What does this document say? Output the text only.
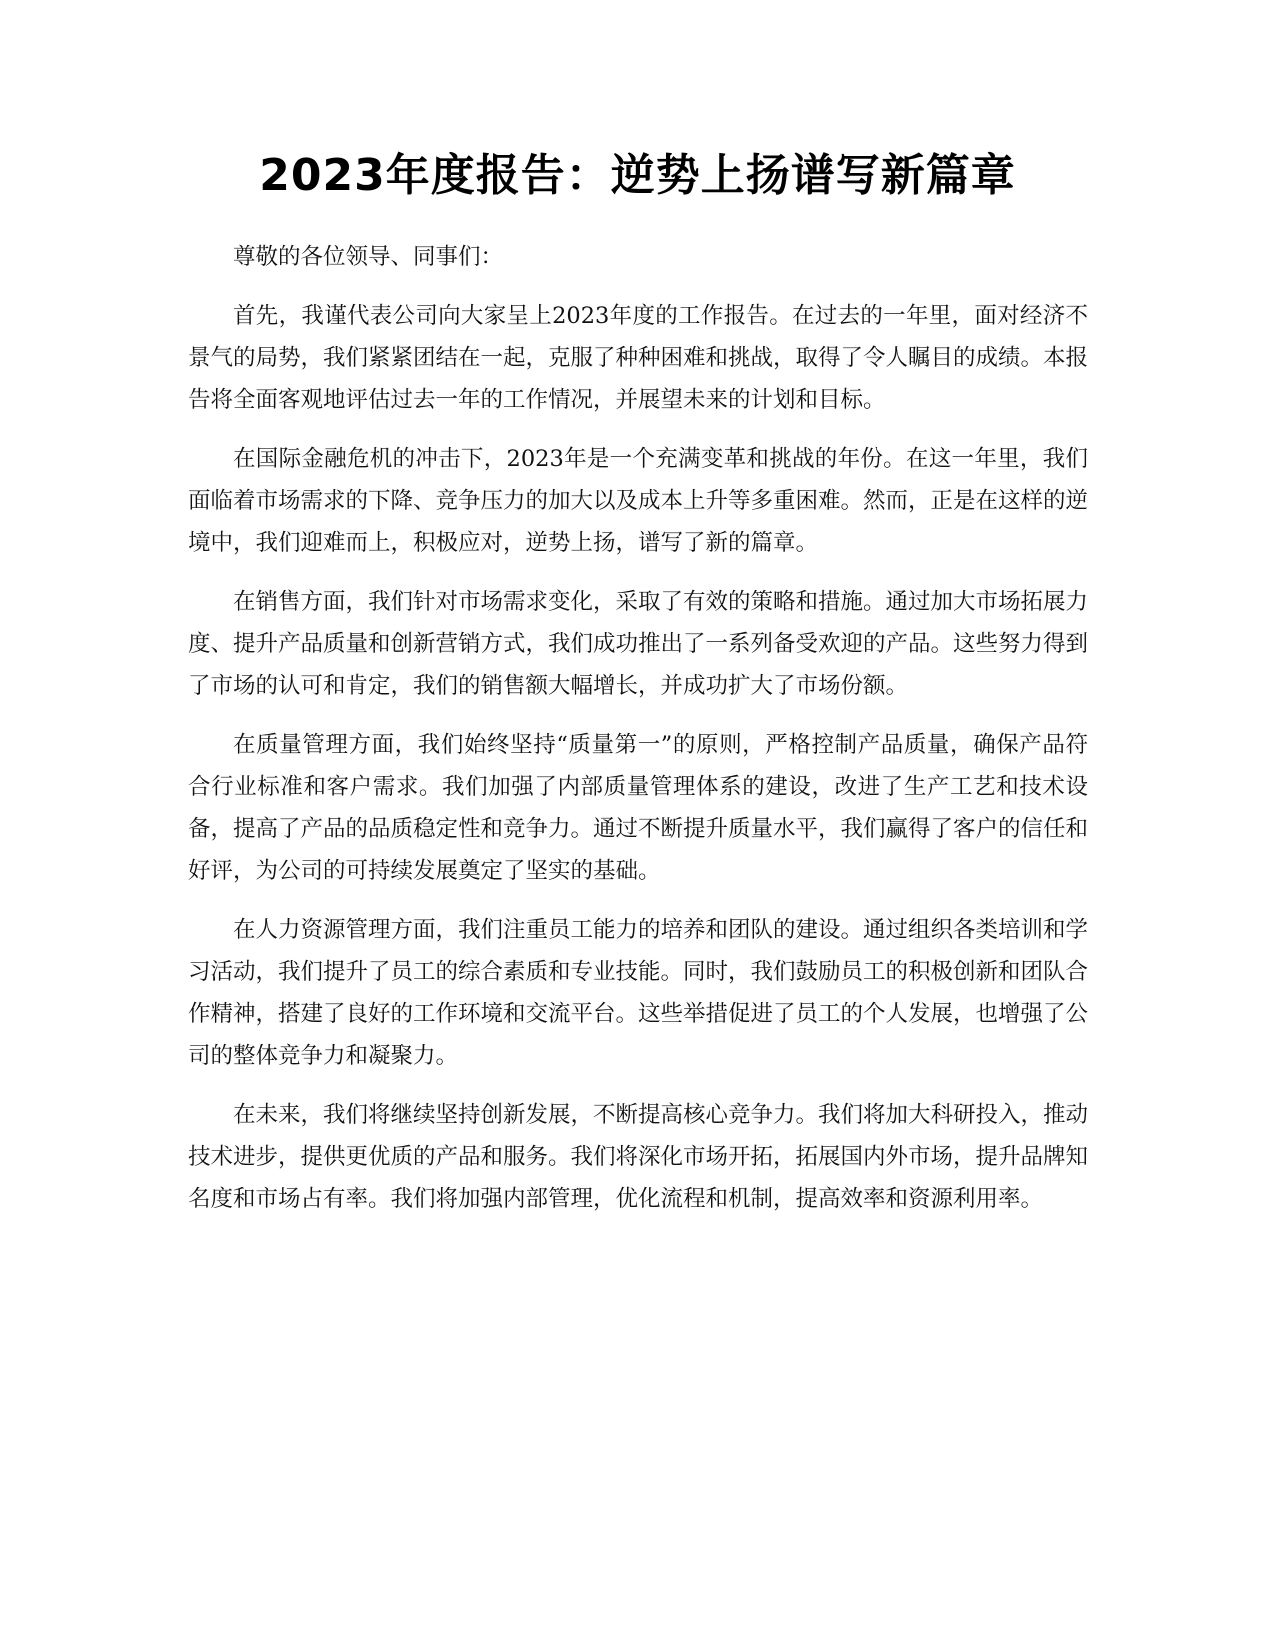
2023年度报告：逆势上扬谱写新篇章

尊敬的各位领导、同事们：

首先，我谨代表公司向大家呈上2023年度的工作报告。在过去的一年里，面对经济不景气的局势，我们紧紧团结在一起，克服了种种困难和挑战，取得了令人瞩目的成绩。本报告将全面客观地评估过去一年的工作情况，并展望未来的计划和目标。

在国际金融危机的冲击下，2023年是一个充满变革和挑战的年份。在这一年里，我们面临着市场需求的下降、竞争压力的加大以及成本上升等多重困难。然而，正是在这样的逆境中，我们迎难而上，积极应对，逆势上扬，谱写了新的篇章。

在销售方面，我们针对市场需求变化，采取了有效的策略和措施。通过加大市场拓展力度、提升产品质量和创新营销方式，我们成功推出了一系列备受欢迎的产品。这些努力得到了市场的认可和肯定，我们的销售额大幅增长，并成功扩大了市场份额。

在质量管理方面，我们始终坚持“质量第一”的原则，严格控制产品质量，确保产品符合行业标准和客户需求。我们加强了内部质量管理体系的建设，改进了生产工艺和技术设备，提高了产品的品质稳定性和竞争力。通过不断提升质量水平，我们赢得了客户的信任和好评，为公司的可持续发展奠定了坚实的基础。

在人力资源管理方面，我们注重员工能力的培养和团队的建设。通过组织各类培训和学习活动，我们提升了员工的综合素质和专业技能。同时，我们鼓励员工的积极创新和团队合作精神，搭建了良好的工作环境和交流平台。这些举措促进了员工的个人发展，也增强了公司的整体竞争力和凝聚力。

在未来，我们将继续坚持创新发展，不断提高核心竞争力。我们将加大科研投入，推动技术进步，提供更优质的产品和服务。我们将深化市场开拓，拓展国内外市场，提升品牌知名度和市场占有率。我们将加强内部管理，优化流程和机制，提高效率和资源利用率。
